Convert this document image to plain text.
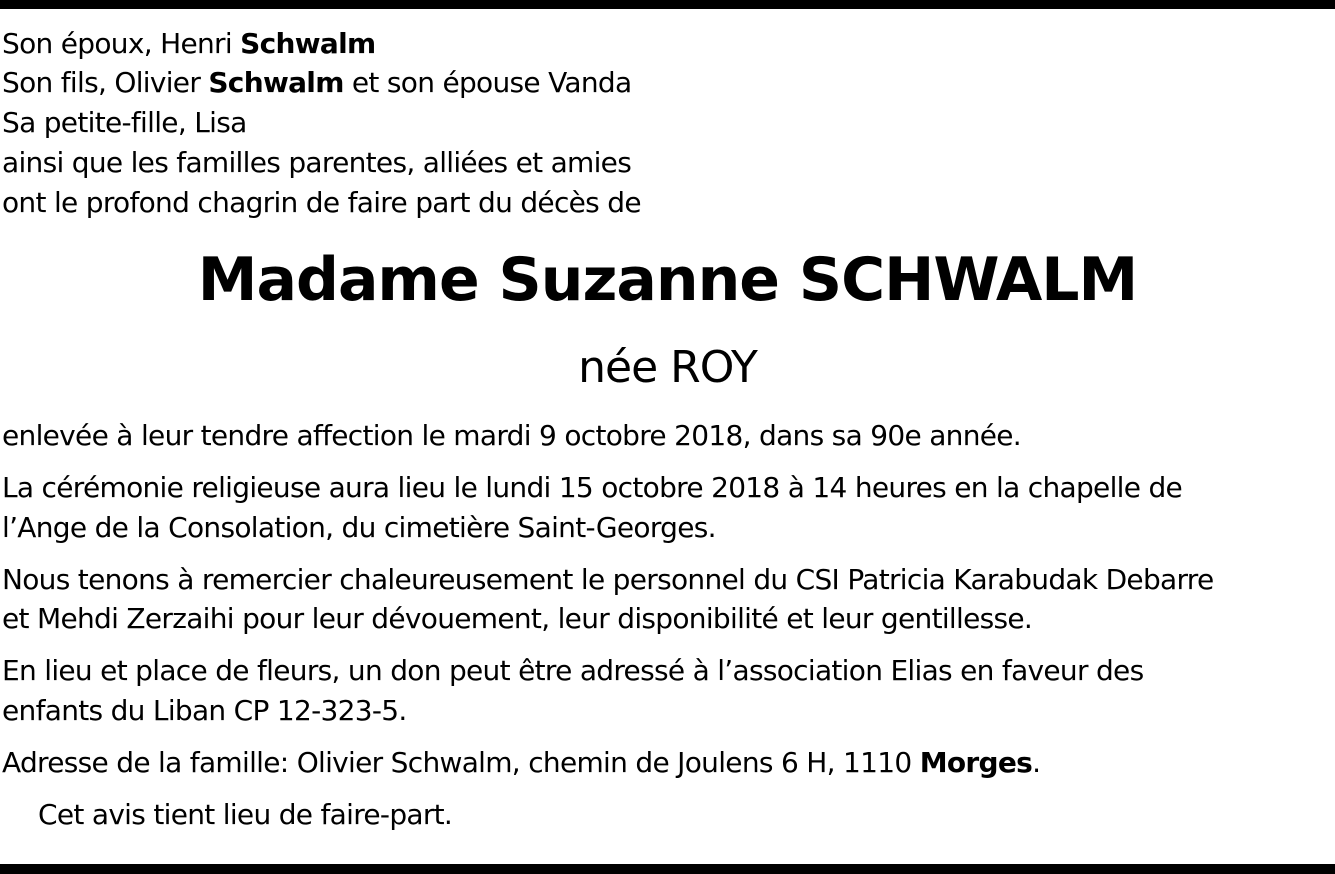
Son époux, Henri Schwalm
Son fils, Olivier Schwalm et son épouse Vanda
Sa petite-fille, Lisa
ainsi que les familles parentes, alliées et amies
ont le profond chagrin de faire part du décès de
Madame Suzanne SCHWALM
née ROY
enlevée à leur tendre affection le mardi 9 octobre 2018, dans sa 90e année.
La cérémonie religieuse aura lieu le lundi 15 octobre 2018 à 14 heures en la chapelle de
l’Ange de la Consolation, du cimetière Saint-Georges.
Nous tenons à remercier chaleureusement le personnel du CSI Patricia Karabudak Debarre
et Mehdi Zerzaihi pour leur dévouement, leur disponibilité et leur gentillesse.
En lieu et place de fleurs, un don peut être adressé à l’association Elias en faveur des
enfants du Liban CP 12-323-5.
Adresse de la famille: Olivier Schwalm, chemin de Joulens 6 H, 1110 Morges.
Cet avis tient lieu de faire-part.
